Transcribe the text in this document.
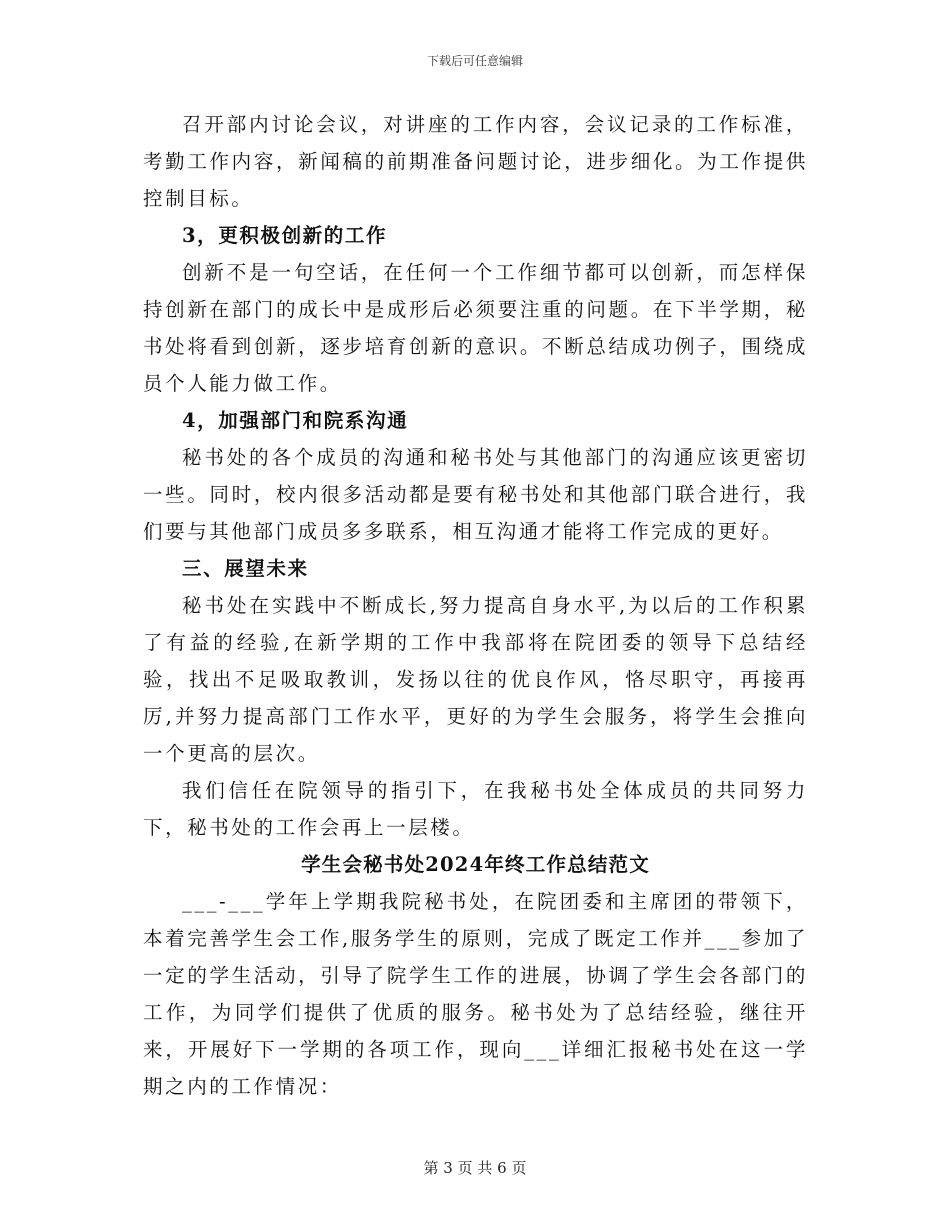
下载后可任意编辑

召开部内讨论会议，对讲座的工作内容，会议记录的工作标准，考勤工作内容，新闻稿的前期准备问题讨论，进步细化。为工作提供控制目标。

3，更积极创新的工作

创新不是一句空话，在任何一个工作细节都可以创新，而怎样保持创新在部门的成长中是成形后必须要注重的问题。在下半学期，秘书处将看到创新，逐步培育创新的意识。不断总结成功例子，围绕成员个人能力做工作。

4，加强部门和院系沟通

秘书处的各个成员的沟通和秘书处与其他部门的沟通应该更密切一些。同时，校内很多活动都是要有秘书处和其他部门联合进行，我们要与其他部门成员多多联系，相互沟通才能将工作完成的更好。

三、展望未来

秘书处在实践中不断成长,努力提高自身水平,为以后的工作积累了有益的经验,在新学期的工作中我部将在院团委的领导下总结经验，找出不足吸取教训，发扬以往的优良作风，恪尽职守，再接再厉,并努力提高部门工作水平，更好的为学生会服务，将学生会推向一个更高的层次。

我们信任在院领导的指引下，在我秘书处全体成员的共同努力下，秘书处的工作会再上一层楼。

学生会秘书处2024年终工作总结范文

___-___学年上学期我院秘书处，在院团委和主席团的带领下，本着完善学生会工作,服务学生的原则，完成了既定工作并___参加了一定的学生活动，引导了院学生工作的进展，协调了学生会各部门的工作，为同学们提供了优质的服务。秘书处为了总结经验，继往开来，开展好下一学期的各项工作，现向___详细汇报秘书处在这一学期之内的工作情况：

第 3 页 共 6 页
